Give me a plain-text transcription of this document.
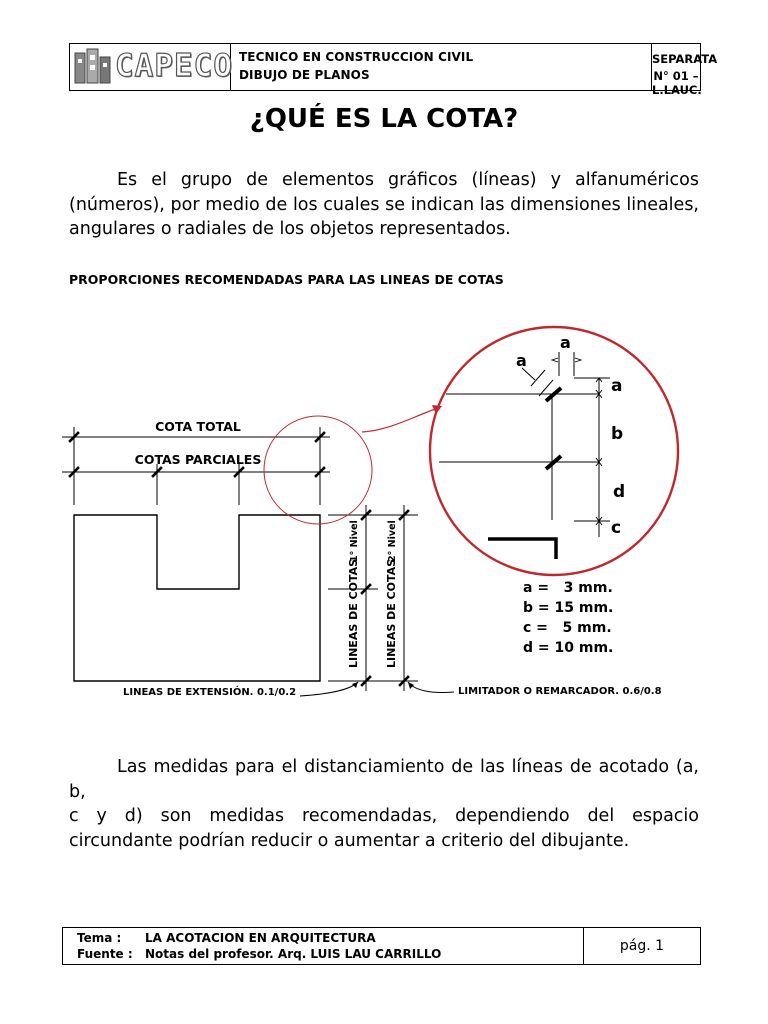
CAPECO TECNICO EN CONSTRUCCION CIVIL
DIBUJO DE PLANOS
SEPARATA
N° 01 – L.LAUC.
¿QUÉ ES LA COTA?
Es el grupo de elementos gráficos (líneas) y alfanuméricos
(números), por medio de los cuales se indican las dimensiones lineales,
angulares o radiales de los objetos representados.
PROPORCIONES RECOMENDADAS PARA LAS LINEAS DE COTAS
COTA TOTAL
COTAS PARCIALES
LINEAS DE COTAS
1° Nivel
LINEAS DE COTAS
2° Nivel
LINEAS DE EXTENSIÓN. 0.1/0.2	LIMITADOR O REMARCADOR. 0.6/0.8
a
a
a
b
d
c
a =   3 mm.
b = 15 mm.
c =   5 mm.
d = 10 mm.
Las medidas para el distanciamiento de las líneas de acotado (a, b,
c y d) son medidas recomendadas, dependiendo del espacio
circundante podrían reducir o aumentar a criterio del dibujante.
Tema : LA ACOTACION EN ARQUITECTURA
Fuente : Notas del profesor. Arq. LUIS LAU CARRILLO	pág. 1
